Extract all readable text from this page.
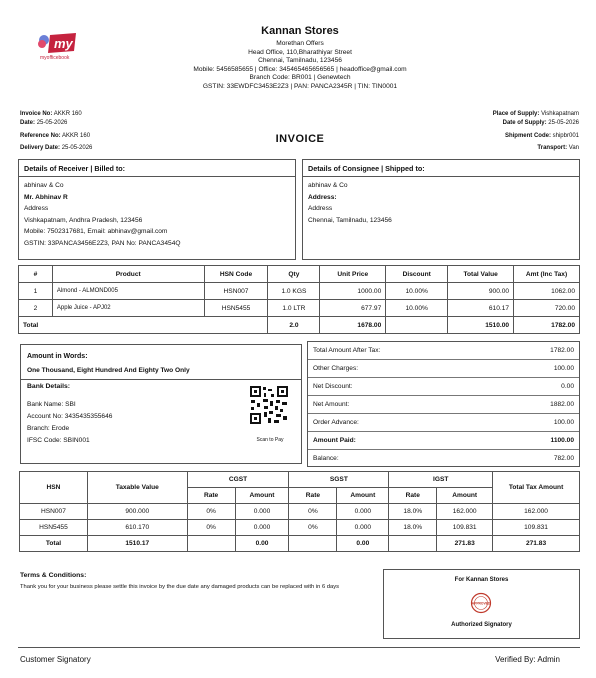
my
myofficebook
Kannan Stores
Morethan Offers
Head Office, 110,Bharathiyar Street
Chennai, Tamilnadu, 123456
Mobile: 5456585655 | Office: 345465465656565 | headoffice@gmail.com
Branch Code: BR001 | Genewtech
GSTIN: 33EWDFC3453E2Z3 | PAN: PANCA2345R | TIN: TIN0001
Invoice No: AKKR 160
Date: 25-05-2026
Reference No: AKKR 160
Delivery Date: 25-05-2026
Place of Supply: Vishkapatnam
Date of Supply: 25-05-2026
Shipment Code: shipbr001
Transport: Van
INVOICE
Details of Receiver | Billed to:
abhinav & Co
Mr. Abhinav R
Address
Vishkapatnam, Andhra Pradesh, 123456
Mobile: 7502317681, Email: abhinav@gmail.com
GSTIN: 33PANCA3456E2Z3, PAN No: PANCA3454Q
Details of Consignee | Shipped to:
abhinav & Co
Address:
Address
Chennai, Tamilnadu, 123456
#	Product	HSN Code	Qty	Unit Price	Discount	Total Value	Amt (Inc Tax)
1	Almond - ALMOND005	HSN007	1.0 KGS	1000.00	10.00%	900.00	1062.00
2	Apple Juice - APJ02	HSN5455	1.0 LTR	677.97	10.00%	610.17	720.00
Total			2.0	1678.00		1510.00	1782.00
Amount in Words:
One Thousand, Eight Hundred And Eighty Two Only
Bank Details:
Bank Name: SBI
Account No: 3435435355646
Branch: Erode
IFSC Code: SBIN001	Scan to Pay
Total Amount After Tax:	1782.00
Other Charges:	100.00
Net Discount:	0.00
Net Amount:	1882.00
Order Advance:	100.00
Amount Paid:	1100.00
Balance:	782.00
HSN	Taxable Value	CGST		SGST		IGST		Total Tax Amount
		Rate	Amount	Rate	Amount	Rate	Amount	
HSN007	900.000	0%	0.000	0%	0.000	18.0%	162.000	162.000
HSN5455	610.170	0%	0.000	0%	0.000	18.0%	109.831	109.831
Total	1510.17		0.00		0.00		271.83	271.83
Terms & Conditions:
Thank you for your business please settle this invoice by the due date any damaged products can be replaced with in 6 days
For Kannan Stores
APPROVED
Authorized Signatory
Customer Signatory	Verified By: Admin
